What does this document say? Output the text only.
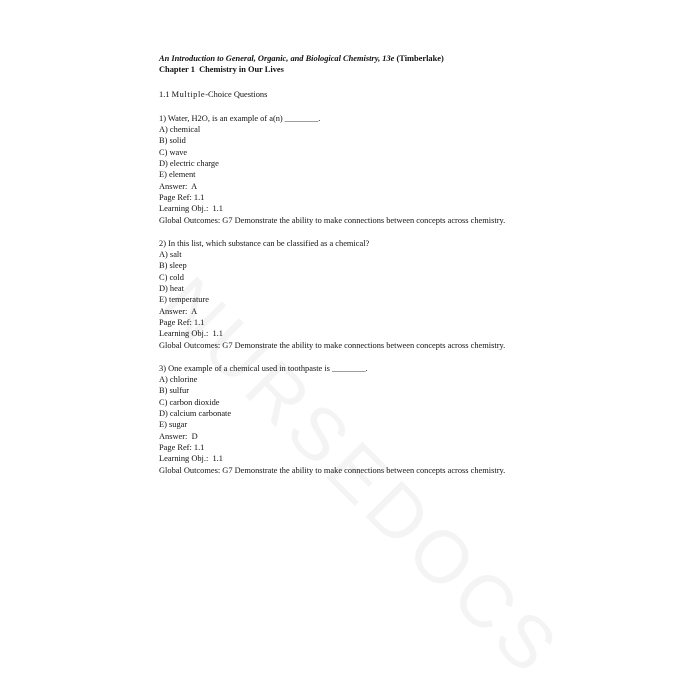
An Introduction to General, Organic, and Biological Chemistry, 13e (Timberlake)
Chapter 1  Chemistry in Our Lives
1.1 Multiple-Choice Questions
1) Water, H2O, is an example of a(n) ________.
A) chemical
B) solid
C) wave
D) electric charge
E) element
Answer:  A
Page Ref: 1.1
Learning Obj.:  1.1
Global Outcomes: G7 Demonstrate the ability to make connections between concepts across chemistry.
2) In this list, which substance can be classified as a chemical?
A) salt
B) sleep
C) cold
D) heat
E) temperature
Answer:  A
Page Ref: 1.1
Learning Obj.:  1.1
Global Outcomes: G7 Demonstrate the ability to make connections between concepts across chemistry.
3) One example of a chemical used in toothpaste is ________.
A) chlorine
B) sulfur
C) carbon dioxide
D) calcium carbonate
E) sugar
Answer:  D
Page Ref: 1.1
Learning Obj.:  1.1
Global Outcomes: G7 Demonstrate the ability to make connections between concepts across chemistry.
